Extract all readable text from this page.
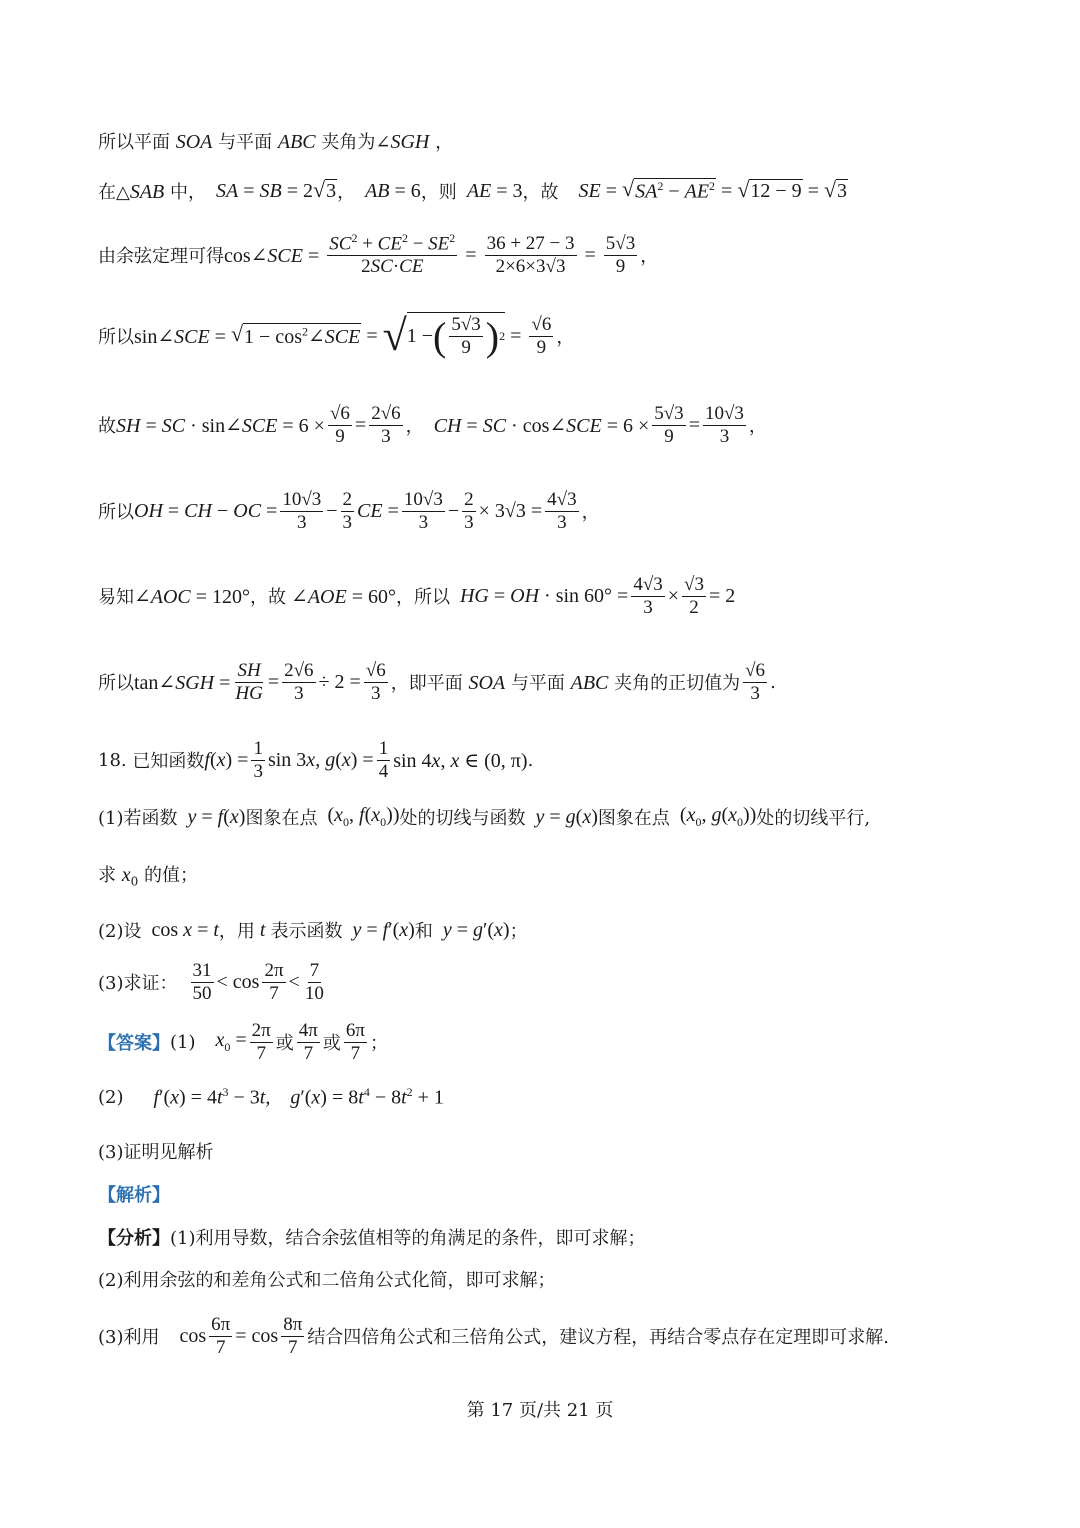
所以平面 SOA 与平面 ABC 夹角为∠SGH ，
在△SAB 中， SA = SB = 2 √ 3 ， AB = 6 ，则 AE = 3 ，故 SE = √ $SA^2 - AE^2$ = √ 12 − 9 = √ 3
由余弦定理可得 cos∠SCE = $\frac{SC^2 + CE^2 - SE^2}{2SC\cdot CE} = \frac{36 + 27 - 3}{2\times 6\times 3√3} = \frac{5√3}{9}$ ，
所以 sin∠SCE = √ $1 - \cos^2\angle SCE$ = √ 1 − ( $\frac{5√3}{9}$ ) $2 = \frac{√6}{9}$ ，
故 SH = SC · sin∠SCE = $6 \times \frac{√6}{9} = \frac{2√6}{3}$ ， CH = SC · cos∠SCE = $6 \times \frac{5√3}{9} = \frac{10√3}{3}$ ，
所以 OH = CH − OC = $\frac{10√3}{3} - \frac{2}{3}$ CE = $\frac{10√3}{3} - \frac{2}{3} \times 3√3 = \frac{4√3}{3}$ ，
易知 ∠AOC = 120° ，故 ∠AOE = 60° ，所以 HG = OH · $\sin 60^\circ = \frac{4√3}{3} \times \frac{√3}{2} = 2$
所以 tan∠SGH = $\frac{SH}{HG} = \frac{2√6}{3} \div 2 = \frac{√6}{3}$ ，即平面 SOA 与平面 ABC 夹角的正切值为 $\frac{√6}{3}$ .
18. 已知函数 $f(x) = \frac{1}{3}$ sin 3x, $g(x) = \frac{1}{4}$ sin 4x, x ∈ (0, π) .
(1)若函数 y = f(x) 图象在点 ($x_0$, $f(x_0)$) 处的切线与函数 y = g(x) 图象在点 ($x_0$, $g(x_0)$) 处的切线平行,
求 $x_0$ 的值；
(2)设 cos x = t ，用 t 表示函数 y = f′(x) 和 y = g′(x) ；
(3)求证： $\frac{31}{50} < \cos \frac{2\pi}{7} < \frac{7}{10}$
【答案】 (1) $x_0 = \frac{2\pi}{7}$ 或 $\frac{4\pi}{7}$ 或 $\frac{6\pi}{7}$ ；
(2) $f'(x) = 4t^3 - 3t$, $g'(x) = 8t^4 - 8t^2 + 1$
(3)证明见解析
【解析】
【分析】 (1)利用导数，结合余弦值相等的角满足的条件，即可求解；
(2)利用余弦的和差角公式和二倍角公式化简，即可求解；
(3)利用 $\cos \frac{6\pi}{7} = \cos \frac{8\pi}{7}$ 结合四倍角公式和三倍角公式，建议方程，再结合零点存在定理即可求解.
第 17 页/共 21 页
